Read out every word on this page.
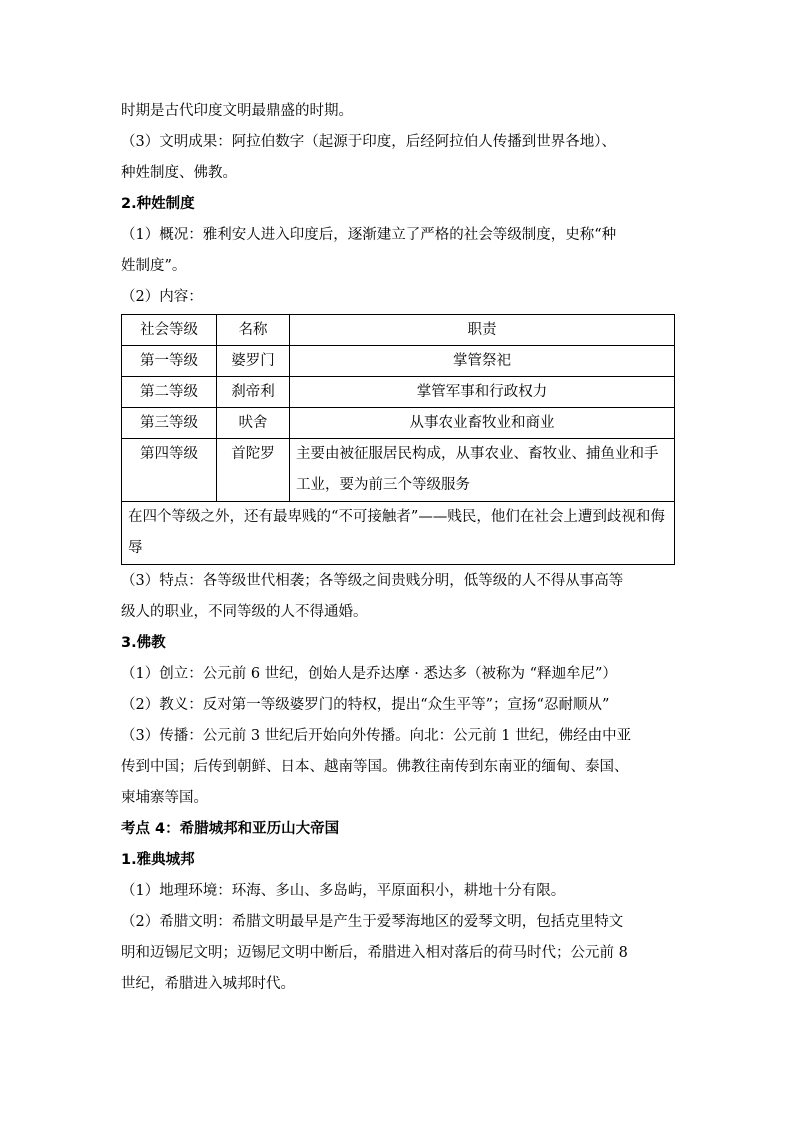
时期是古代印度文明最鼎盛的时期。
（3）文明成果：阿拉伯数字（起源于印度，后经阿拉伯人传播到世界各地）、
种姓制度、佛教。
2.种姓制度
（1）概况：雅利安人进入印度后，逐渐建立了严格的社会等级制度，史称“种
姓制度”。
（2）内容：
社会等级	名称	职责
第一等级	婆罗门	掌管祭祀
第二等级	刹帝利	掌管军事和行政权力
第三等级	吠舍	从事农业畜牧业和商业
第四等级	首陀罗	主要由被征服居民构成，从事农业、畜牧业、捕鱼业和手工业，要为前三个等级服务
在四个等级之外，还有最卑贱的“不可接触者”——贱民，他们在社会上遭到歧视和侮辱		
（3）特点：各等级世代相袭；各等级之间贵贱分明，低等级的人不得从事高等
级人的职业，不同等级的人不得通婚。
3.佛教
（1）创立：公元前 6 世纪，创始人是乔达摩 · 悉达多（被称为 “释迦牟尼”）
（2）教义：反对第一等级婆罗门的特权，提出“众生平等”；宣扬“忍耐顺从”
（3）传播：公元前 3 世纪后开始向外传播。向北：公元前 1 世纪，佛经由中亚
传到中国；后传到朝鲜、日本、越南等国。佛教往南传到东南亚的缅甸、泰国、
柬埔寨等国。
考点 4：希腊城邦和亚历山大帝国
1.雅典城邦
（1）地理环境：环海、多山、多岛屿，平原面积小，耕地十分有限。
（2）希腊文明：希腊文明最早是产生于爱琴海地区的爱琴文明，包括克里特文
明和迈锡尼文明；迈锡尼文明中断后，希腊进入相对落后的荷马时代；公元前 8
世纪，希腊进入城邦时代。
